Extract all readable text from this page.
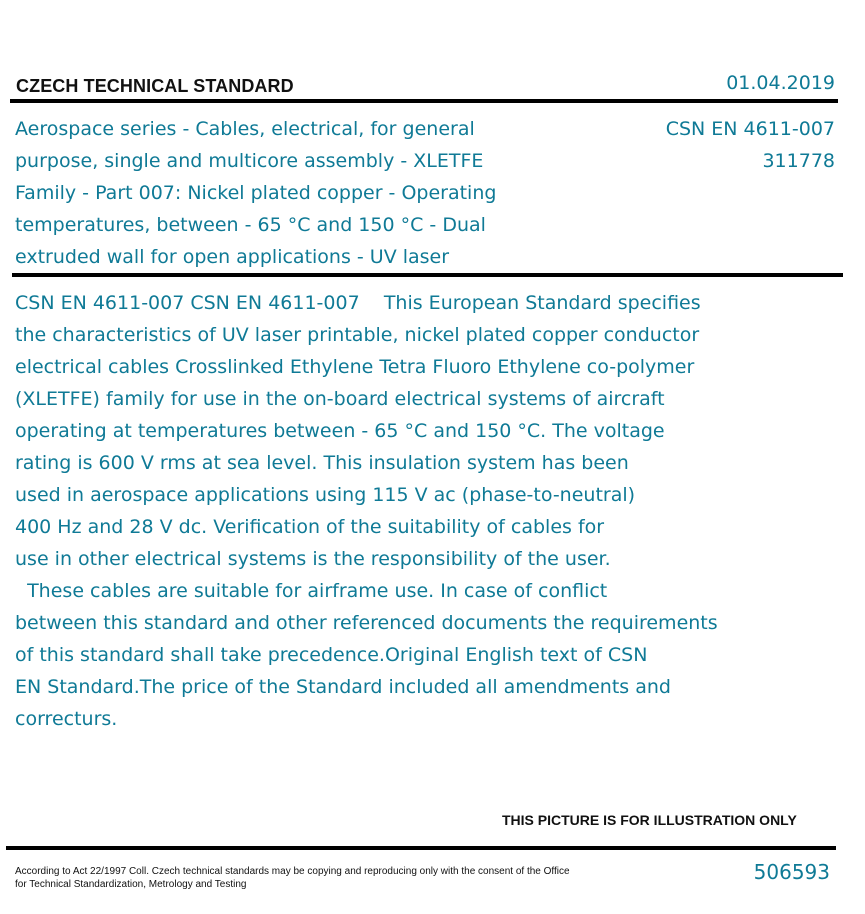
CZECH TECHNICAL STANDARD	01.04.2019
Aerospace series - Cables, electrical, for general
purpose, single and multicore assembly - XLETFE
Family - Part 007: Nickel plated copper - Operating
temperatures, between - 65 °C and 150 °C - Dual
extruded wall for open applications - UV laser
CSN EN 4611-007
311778
CSN EN 4611-007 CSN EN 4611-007    This European Standard specifies
the characteristics of UV laser printable, nickel plated copper conductor
electrical cables Crosslinked Ethylene Tetra Fluoro Ethylene co-polymer
(XLETFE) family for use in the on-board electrical systems of aircraft
operating at temperatures between - 65 °C and 150 °C. The voltage
rating is 600 V rms at sea level. This insulation system has been
used in aerospace applications using 115 V ac (phase-to-neutral)
400 Hz and 28 V dc. Verification of the suitability of cables for
use in other electrical systems is the responsibility of the user.
These cables are suitable for airframe use. In case of conflict
between this standard and other referenced documents the requirements
of this standard shall take precedence.Original English text of CSN
EN Standard.The price of the Standard included all amendments and
correcturs.
THIS PICTURE IS FOR ILLUSTRATION ONLY
According to Act 22/1997 Coll. Czech technical standards may be copying and reproducing only with the consent of the Office
for Technical Standardization, Metrology and Testing
506593
